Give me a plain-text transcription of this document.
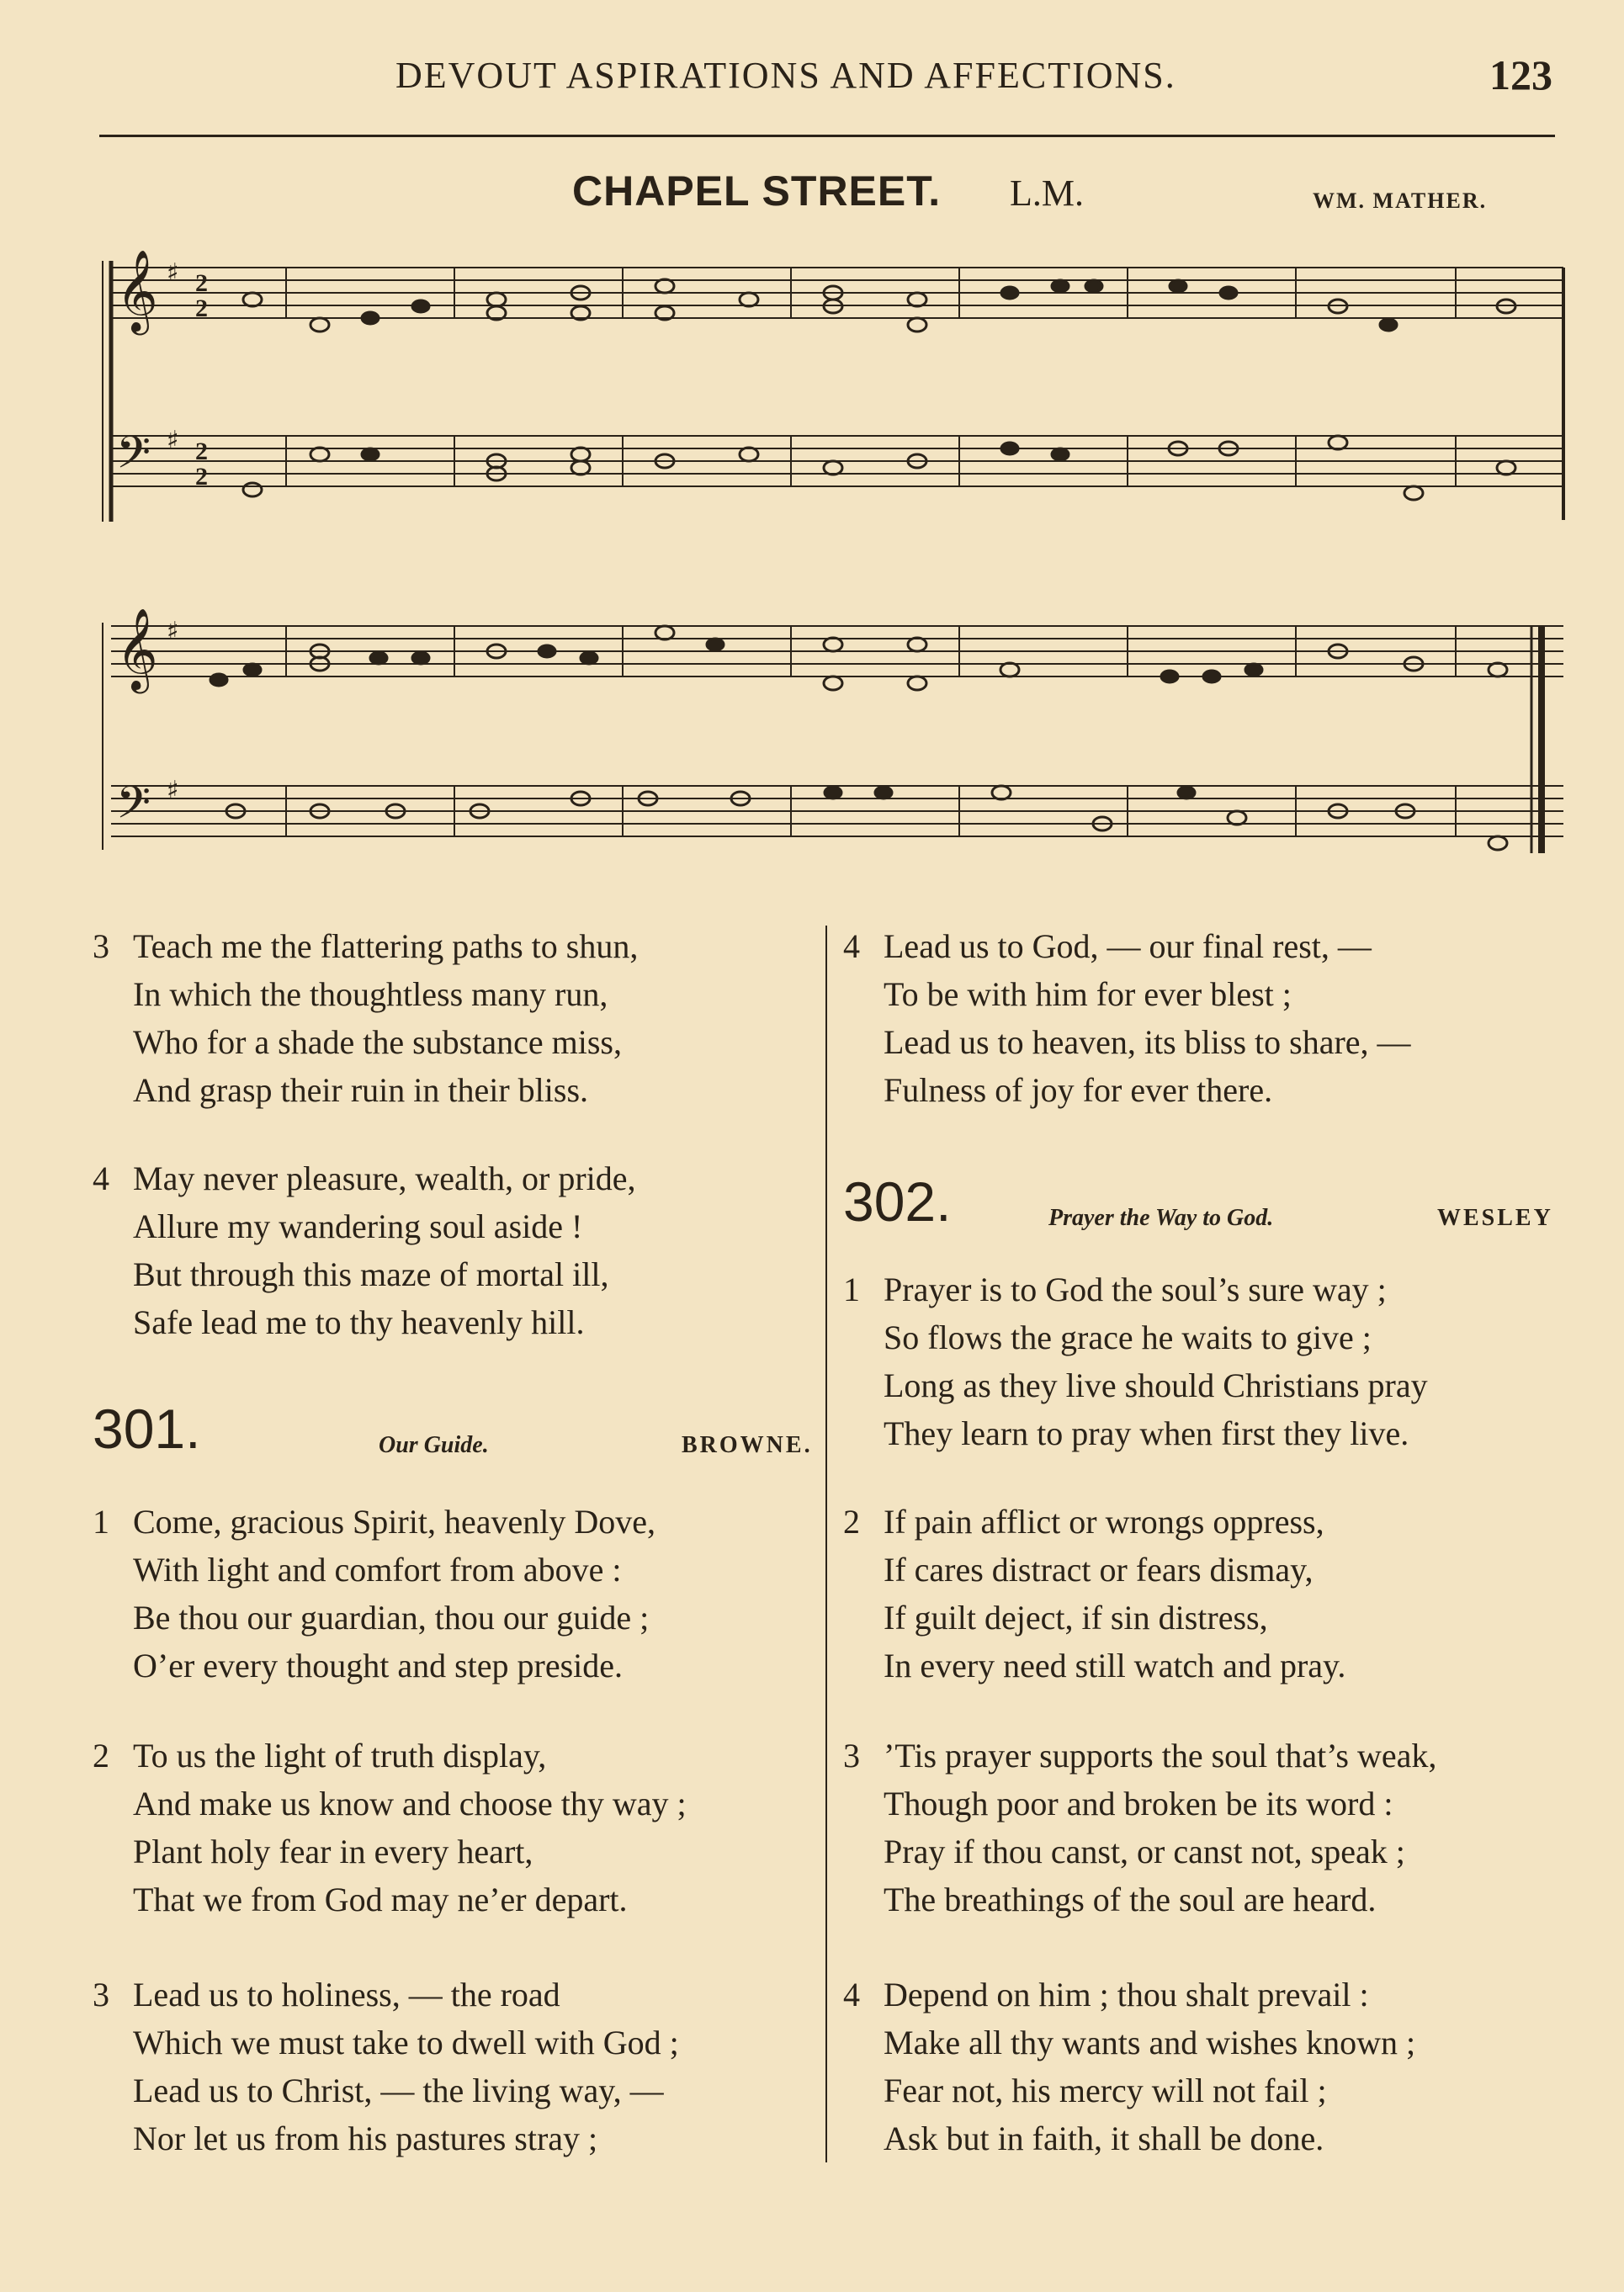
DEVOUT ASPIRATIONS AND AFFECTIONS.	123
CHAPEL STREET. L.M.	WM. MATHER.
𝄞
𝄢
♯
♯
2
2
2
2
𝄞
𝄢
♯
♯
3 Teach me the flattering paths to shun,
In which the thoughtless many run,
Who for a shade the substance miss,
And grasp their ruin in their bliss.
4 May never pleasure, wealth, or pride,
Allure my wandering soul aside !
But through this maze of mortal ill,
Safe lead me to thy heavenly hill.
301.	Our Guide.	BROWNE.
1 Come, gracious Spirit, heavenly Dove,
With light and comfort from above :
Be thou our guardian, thou our guide ;
O’er every thought and step preside.
2 To us the light of truth display,
And make us know and choose thy way ;
Plant holy fear in every heart,
That we from God may ne’er depart.
3 Lead us to holiness, — the road
Which we must take to dwell with God ;
Lead us to Christ, — the living way, —
Nor let us from his pastures stray ;
4 Lead us to God, — our final rest, —
To be with him for ever blest ;
Lead us to heaven, its bliss to share, —
Fulness of joy for ever there.
302.	Prayer the Way to God.	WESLEY
1 Prayer is to God the soul’s sure way ;
So flows the grace he waits to give ;
Long as they live should Christians pray
They learn to pray when first they live.
2 If pain afflict or wrongs oppress,
If cares distract or fears dismay,
If guilt deject, if sin distress,
In every need still watch and pray.
3 ’Tis prayer supports the soul that’s weak,
Though poor and broken be its word :
Pray if thou canst, or canst not, speak ;
The breathings of the soul are heard.
4 Depend on him ; thou shalt prevail :
Make all thy wants and wishes known ;
Fear not, his mercy will not fail ;
Ask but in faith, it shall be done.
